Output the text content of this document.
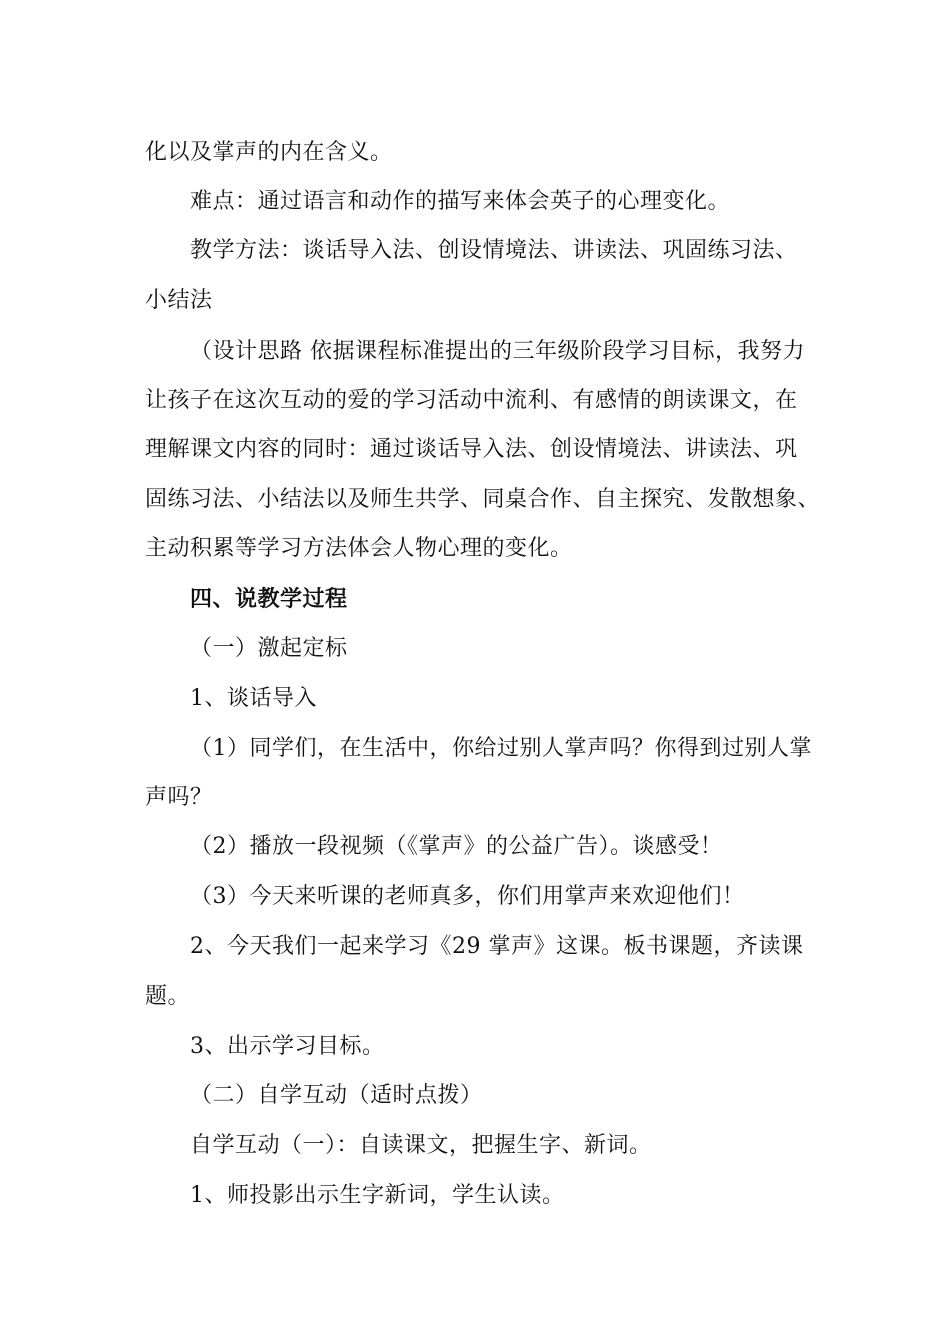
化以及掌声的内在含义。
难点：通过语言和动作的描写来体会英子的心理变化。
教学方法：谈话导入法、创设情境法、讲读法、巩固练习法、
小结法
（设计思路 依据课程标准提出的三年级阶段学习目标，我努力
让孩子在这次互动的爱的学习活动中流利、有感情的朗读课文，在
理解课文内容的同时：通过谈话导入法、创设情境法、讲读法、巩
固练习法、小结法以及师生共学、同桌合作、自主探究、发散想象、
主动积累等学习方法体会人物心理的变化。
四、说教学过程
（一）激起定标
1、谈话导入
（1）同学们，在生活中，你给过别人掌声吗？你得到过别人掌
声吗？
（2）播放一段视频（《掌声》的公益广告）。谈感受！
（3）今天来听课的老师真多，你们用掌声来欢迎他们！
2、今天我们一起来学习《29 掌声》这课。板书课题，齐读课
题。
3、出示学习目标。
（二）自学互动（适时点拨）
自学互动（一）：自读课文，把握生字、新词。
1、师投影出示生字新词，学生认读。
